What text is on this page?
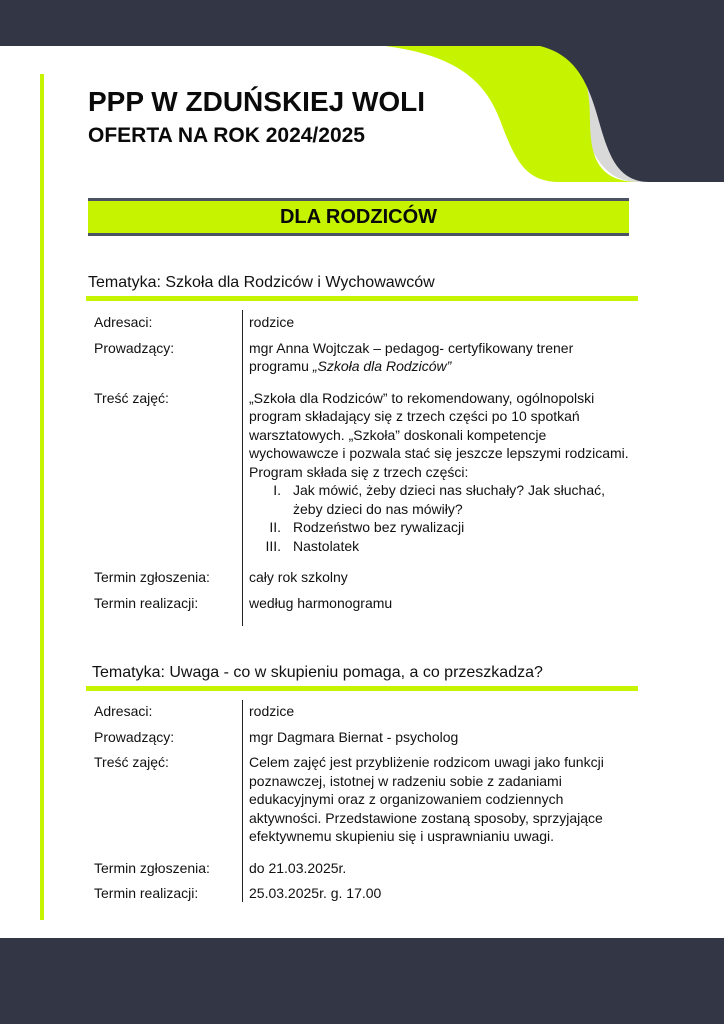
PPP W ZDUŃSKIEJ WOLI
OFERTA NA ROK 2024/2025
DLA RODZICÓW
Tematyka: Szkoła dla Rodziców i Wychowawców
Adresaci:	rodzice
Prowadzący:	mgr Anna Wojtczak – pedagog- certyfikowany trener programu „Szkoła dla Rodziców”
Treść zajęć:	„Szkoła dla Rodziców” to rekomendowany, ogólnopolski program składający się z trzech części po 10 spotkań warsztatowych. „Szkoła” doskonali kompetencje wychowawcze i pozwala stać się jeszcze lepszymi rodzicami.
Program składa się z trzech części:
I. Jak mówić, żeby dzieci nas słuchały? Jak słuchać, żeby dzieci do nas mówiły?
II. Rodzeństwo bez rywalizacji
III. Nastolatek
Termin zgłoszenia:	cały rok szkolny
Termin realizacji:	według harmonogramu
Tematyka: Uwaga - co w skupieniu pomaga, a co przeszkadza?
Adresaci:	rodzice
Prowadzący:	mgr Dagmara Biernat - psycholog
Treść zajęć:	Celem zajęć jest przybliżenie rodzicom uwagi jako funkcji poznawczej, istotnej w radzeniu sobie z zadaniami edukacyjnymi oraz z organizowaniem codziennych aktywności. Przedstawione zostaną sposoby, sprzyjające efektywnemu skupieniu się i usprawnianiu uwagi.
Termin zgłoszenia:	do 21.03.2025r.
Termin realizacji:	25.03.2025r. g. 17.00
